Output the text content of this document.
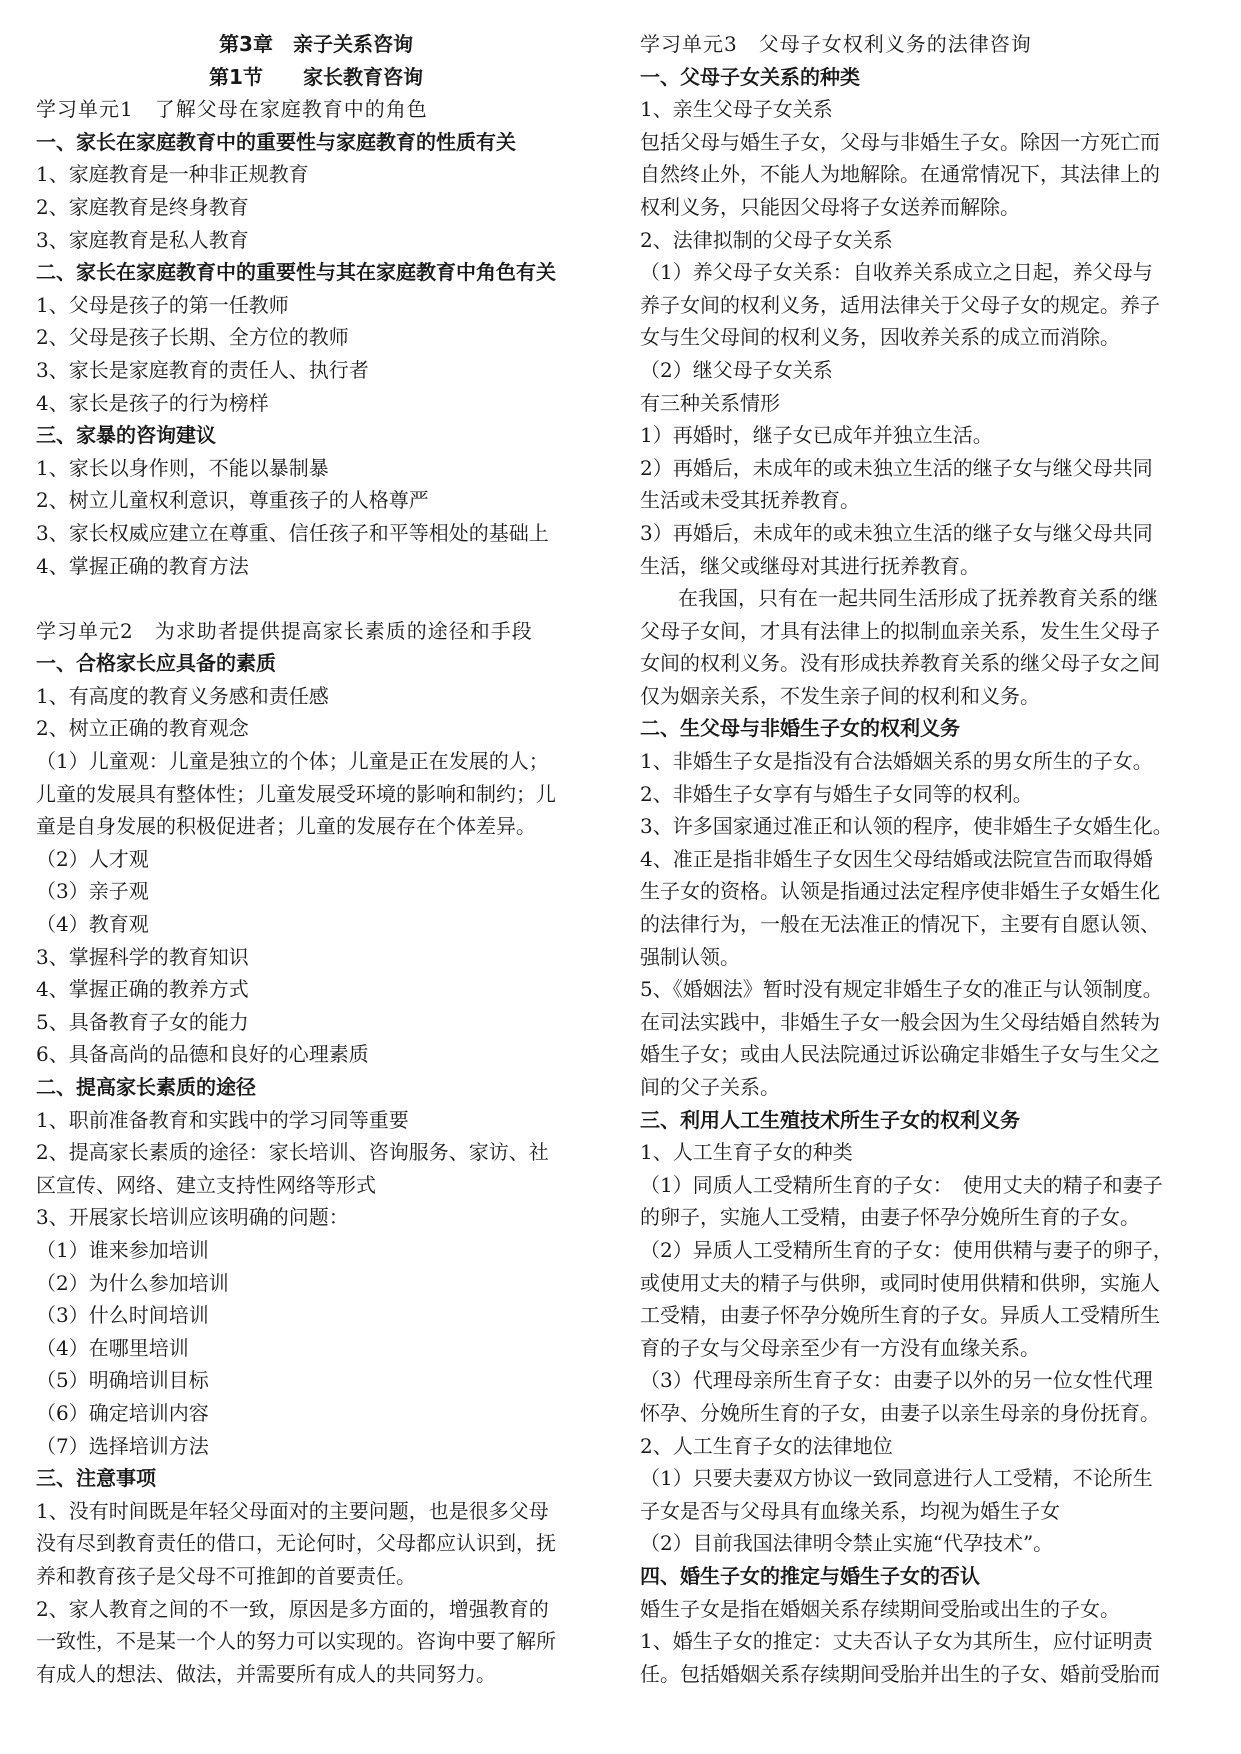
第3章　亲子关系咨询
第1节　　家长教育咨询
学习单元1　了解父母在家庭教育中的角色
一、家长在家庭教育中的重要性与家庭教育的性质有关
1、家庭教育是一种非正规教育
2、家庭教育是终身教育
3、家庭教育是私人教育
二、家长在家庭教育中的重要性与其在家庭教育中角色有关
1、父母是孩子的第一任教师
2、父母是孩子长期、全方位的教师
3、家长是家庭教育的责任人、执行者
4、家长是孩子的行为榜样
三、家暴的咨询建议
1、家长以身作则，不能以暴制暴
2、树立儿童权利意识，尊重孩子的人格尊严
3、家长权威应建立在尊重、信任孩子和平等相处的基础上
4、掌握正确的教育方法
学习单元2　为求助者提供提高家长素质的途径和手段
一、合格家长应具备的素质
1、有高度的教育义务感和责任感
2、树立正确的教育观念
（1）儿童观：儿童是独立的个体；儿童是正在发展的人；
儿童的发展具有整体性；儿童发展受环境的影响和制约；儿
童是自身发展的积极促进者；儿童的发展存在个体差异。
（2）人才观
（3）亲子观
（4）教育观
3、掌握科学的教育知识
4、掌握正确的教养方式
5、具备教育子女的能力
6、具备高尚的品德和良好的心理素质
二、提高家长素质的途径
1、职前准备教育和实践中的学习同等重要
2、提高家长素质的途径：家长培训、咨询服务、家访、社
区宣传、网络、建立支持性网络等形式
3、开展家长培训应该明确的问题：
（1）谁来参加培训
（2）为什么参加培训
（3）什么时间培训
（4）在哪里培训
（5）明确培训目标
（6）确定培训内容
（7）选择培训方法
三、注意事项
1、没有时间既是年轻父母面对的主要问题，也是很多父母
没有尽到教育责任的借口，无论何时，父母都应认识到，抚
养和教育孩子是父母不可推卸的首要责任。
2、家人教育之间的不一致，原因是多方面的，增强教育的
一致性，不是某一个人的努力可以实现的。咨询中要了解所
有成人的想法、做法，并需要所有成人的共同努力。
学习单元3　父母子女权利义务的法律咨询
一、父母子女关系的种类
1、亲生父母子女关系
包括父母与婚生子女，父母与非婚生子女。除因一方死亡而
自然终止外，不能人为地解除。在通常情况下，其法律上的
权利义务，只能因父母将子女送养而解除。
2、法律拟制的父母子女关系
（1）养父母子女关系：自收养关系成立之日起，养父母与
养子女间的权利义务，适用法律关于父母子女的规定。养子
女与生父母间的权利义务，因收养关系的成立而消除。
（2）继父母子女关系
有三种关系情形
1）再婚时，继子女已成年并独立生活。
2）再婚后，未成年的或未独立生活的继子女与继父母共同
生活或未受其抚养教育。
3）再婚后，未成年的或未独立生活的继子女与继父母共同
生活，继父或继母对其进行抚养教育。
在我国，只有在一起共同生活形成了抚养教育关系的继
父母子女间，才具有法律上的拟制血亲关系，发生生父母子
女间的权利义务。没有形成扶养教育关系的继父母子女之间
仅为姻亲关系，不发生亲子间的权利和义务。
二、生父母与非婚生子女的权利义务
1、非婚生子女是指没有合法婚姻关系的男女所生的子女。
2、非婚生子女享有与婚生子女同等的权利。
3、许多国家通过准正和认领的程序，使非婚生子女婚生化。
4、准正是指非婚生子女因生父母结婚或法院宣告而取得婚
生子女的资格。认领是指通过法定程序使非婚生子女婚生化
的法律行为，一般在无法准正的情况下，主要有自愿认领、
强制认领。
5、《婚姻法》暂时没有规定非婚生子女的准正与认领制度。
在司法实践中，非婚生子女一般会因为生父母结婚自然转为
婚生子女；或由人民法院通过诉讼确定非婚生子女与生父之
间的父子关系。
三、利用人工生殖技术所生子女的权利义务
1、人工生育子女的种类
（1）同质人工受精所生育的子女：　使用丈夫的精子和妻子
的卵子，实施人工受精，由妻子怀孕分娩所生育的子女。
（2）异质人工受精所生育的子女：使用供精与妻子的卵子，
或使用丈夫的精子与供卵，或同时使用供精和供卵，实施人
工受精，由妻子怀孕分娩所生育的子女。异质人工受精所生
育的子女与父母亲至少有一方没有血缘关系。
（3）代理母亲所生育子女：由妻子以外的另一位女性代理
怀孕、分娩所生育的子女，由妻子以亲生母亲的身份抚育。
2、人工生育子女的法律地位
（1）只要夫妻双方协议一致同意进行人工受精，不论所生
子女是否与父母具有血缘关系，均视为婚生子女
（2）目前我国法律明令禁止实施“代孕技术”。
四、婚生子女的推定与婚生子女的否认
婚生子女是指在婚姻关系存续期间受胎或出生的子女。
1、婚生子女的推定：丈夫否认子女为其所生，应付证明责
任。包括婚姻关系存续期间受胎并出生的子女、婚前受胎而
